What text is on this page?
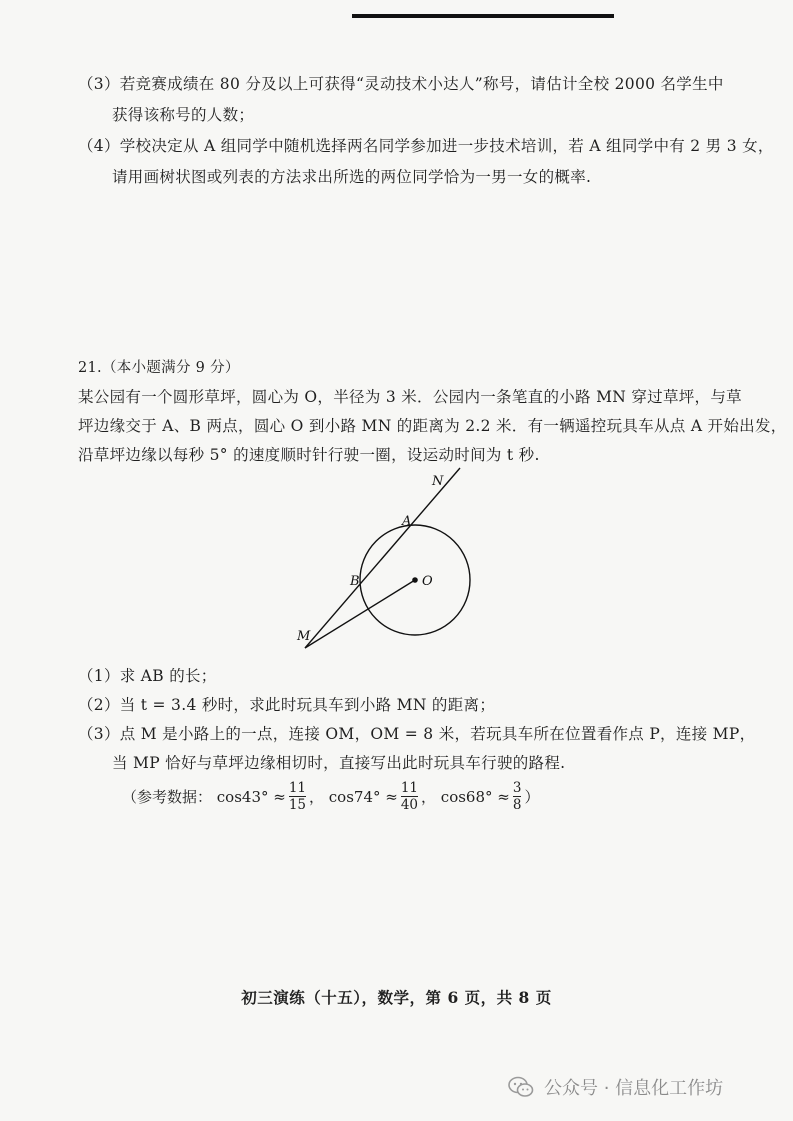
（3）若竞赛成绩在 80 分及以上可获得“灵动技术小达人”称号，请估计全校 2000 名学生中
获得该称号的人数；
（4）学校决定从 A 组同学中随机选择两名同学参加进一步技术培训，若 A 组同学中有 2 男 3 女，
请用画树状图或列表的方法求出所选的两位同学恰为一男一女的概率.
21.（本小题满分 9 分）
某公园有一个圆形草坪，圆心为 O，半径为 3 米．公园内一条笔直的小路 MN 穿过草坪，与草
坪边缘交于 A、B 两点，圆心 O 到小路 MN 的距离为 2.2 米．有一辆遥控玩具车从点 A 开始出发，
沿草坪边缘以每秒 5° 的速度顺时针行驶一圈，设运动时间为 t 秒.
N
A
B	O
M
（1）求 AB 的长；
（2）当 t = 3.4 秒时，求此时玩具车到小路 MN 的距离；
（3）点 M 是小路上的一点，连接 OM，OM = 8 米，若玩具车所在位置看作点 P，连接 MP，
当 MP 恰好与草坪边缘相切时，直接写出此时玩具车行驶的路程.
（参考数据： $\cos 43^\circ \approx \frac{11}{15}$ ， $\cos 74^\circ \approx \frac{11}{40}$ ， $\cos 68^\circ \approx \frac{3}{8}$ ）
初三演练（十五），数学，第 6 页，共 8 页
公众号 · 信息化工作坊
